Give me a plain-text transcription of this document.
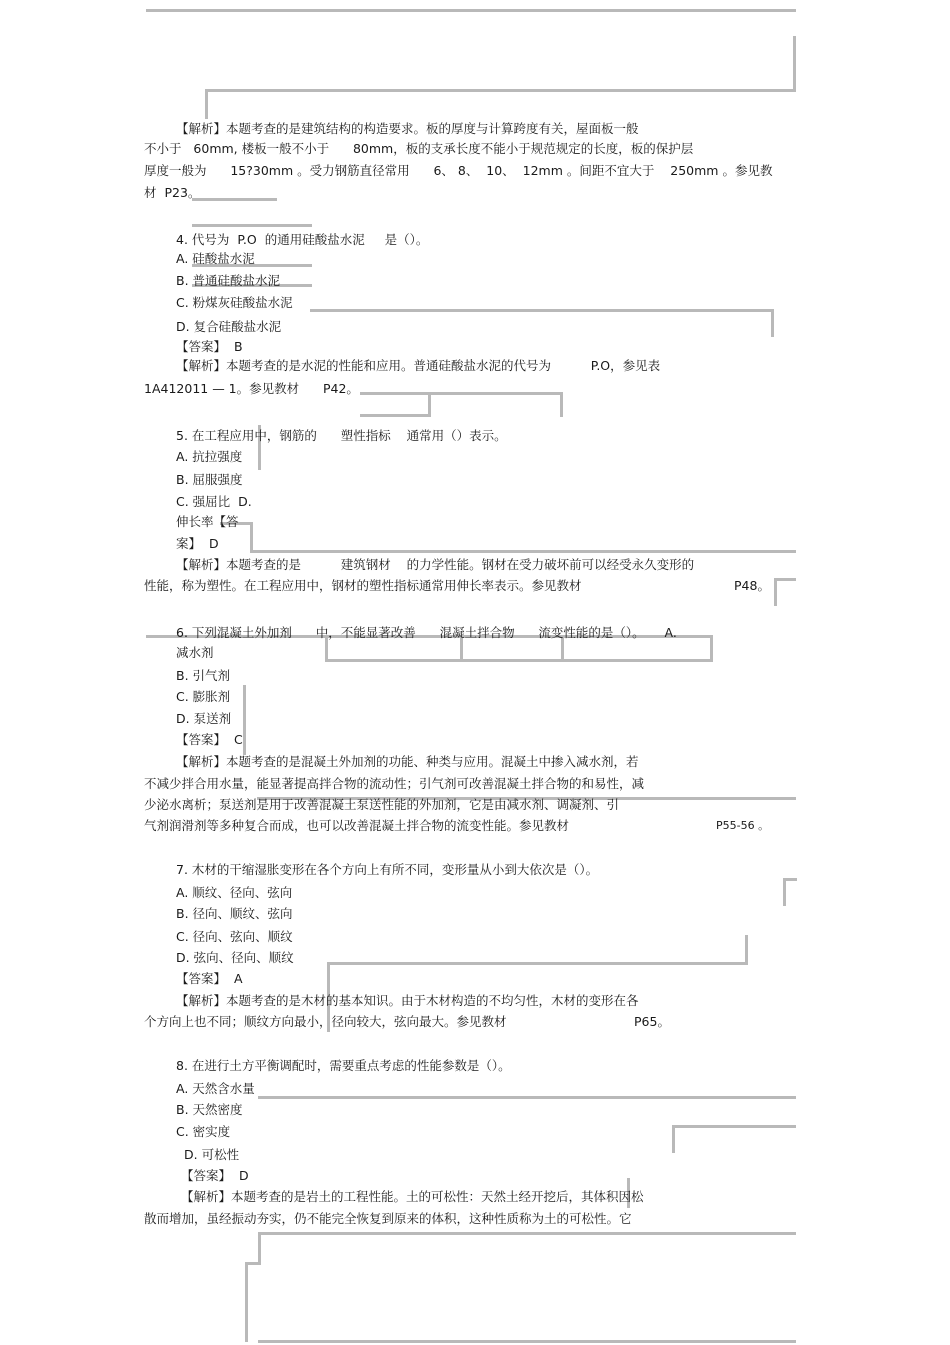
【解析】本题考查的是建筑结构的构造要求。板的厚度与计算跨度有关，屋面板一般
不小于   60mm, 楼板一般不小于      80mm，板的支承长度不能小于规范规定的长度，板的保护层
厚度一般为      15?30mm 。受力钢筋直径常用      6、 8、  10、  12mm 。间距不宜大于    250mm 。参见教
材  P23。
4. 代号为  P.O  的通用硅酸盐水泥     是（）。
A. 硅酸盐水泥
B. 普通硅酸盐水泥
C. 粉煤灰硅酸盐水泥
D. 复合硅酸盐水泥
【答案】  B
【解析】本题考查的是水泥的性能和应用。普通硅酸盐水泥的代号为          P.O，参见表
1A412011 — 1。参见教材      P42。
5. 在工程应用中，钢筋的      塑性指标    通常用（）表示。
A. 抗拉强度
B. 屈服强度
C. 强屈比  D.
伸长率【答
案】  D
【解析】本题考查的是          建筑钢材    的力学性能。钢材在受力破坏前可以经受永久变形的
性能，称为塑性。在工程应用中，钢材的塑性指标通常用伸长率表示。参见教材	P48。
6. 下列混凝土外加剂      中，不能显著改善      混凝土拌合物      流变性能的是（）。     A.
减水剂
B. 引气剂
C. 膨胀剂
D. 泵送剂
【答案】  C
【解析】本题考查的是混凝土外加剂的功能、种类与应用。混凝土中掺入减水剂，若
不减少拌合用水量，能显著提高拌合物的流动性；引气剂可改善混凝土拌合物的和易性，减
少泌水离析；泵送剂是用于改善混凝土泵送性能的外加剂，它是由减水剂、调凝剂、引
气剂润滑剂等多种复合而成，也可以改善混凝土拌合物的流变性能。参见教材	P55-56 。
7. 木材的干缩湿胀变形在各个方向上有所不同，变形量从小到大依次是（）。
A. 顺纹、径向、弦向
B. 径向、顺纹、弦向
C. 径向、弦向、顺纹
D. 弦向、径向、顺纹
【答案】  A
【解析】本题考查的是木材的基本知识。由于木材构造的不均匀性，木材的变形在各
个方向上也不同；顺纹方向最小，径向较大，弦向最大。参见教材	P65。
8. 在进行土方平衡调配时，需要重点考虑的性能参数是（）。
A. 天然含水量
B. 天然密度
C. 密实度
D. 可松性
【答案】  D
【解析】本题考查的是岩土的工程性能。土的可松性：天然土经开挖后，其体积因松
散而增加，虽经振动夯实，仍不能完全恢复到原来的体积，这种性质称为土的可松性。它
